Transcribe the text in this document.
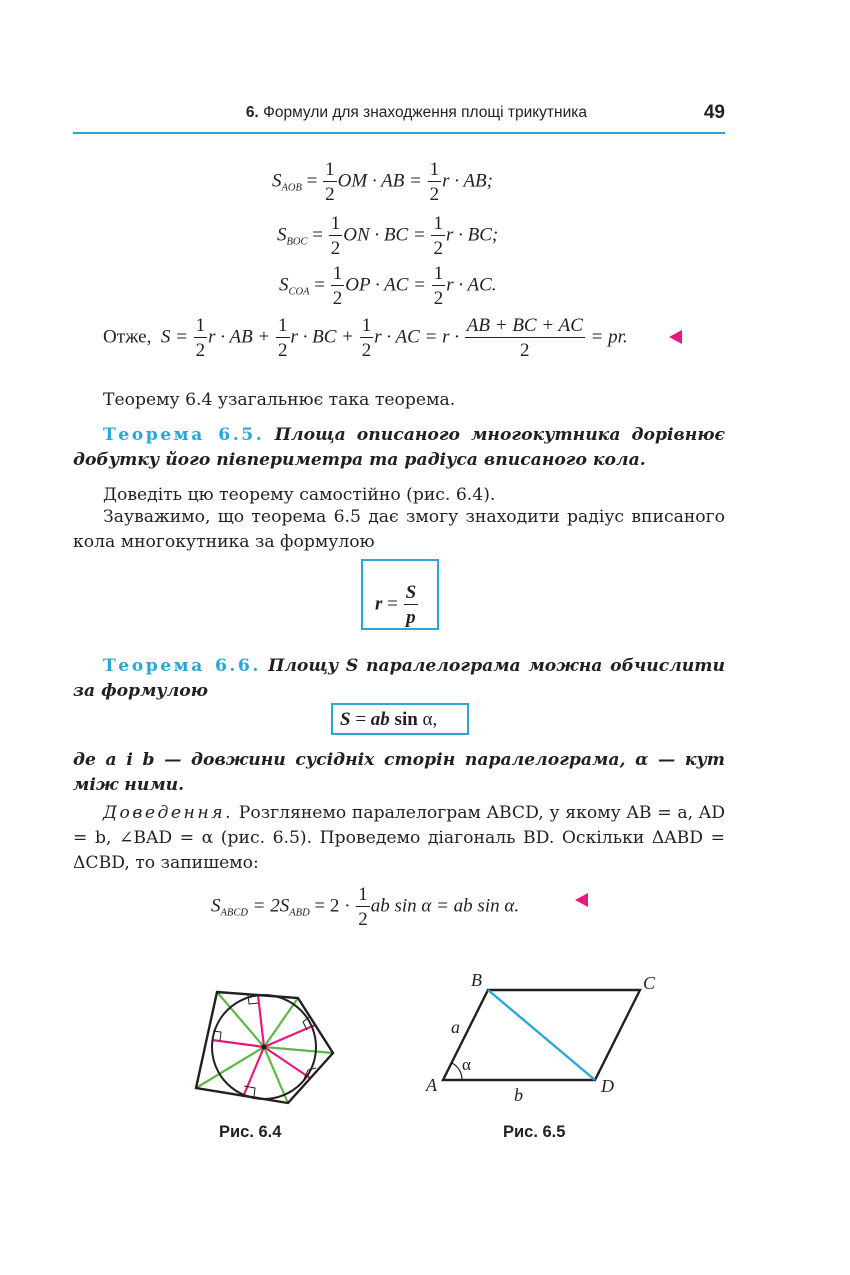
6. Формули для знаходження площі трикутника	49
$S_{AOB} = \frac{1}{2}$ OM · AB = $\frac{1}{2}$ r · AB;
$S_{BOC} = \frac{1}{2}$ ON · BC = $\frac{1}{2}$ r · BC;
$S_{COA} = \frac{1}{2}$ OP · AC = $\frac{1}{2}$ r · AC.
Отже, $S = \frac{1}{2}$ r · AB + $\frac{1}{2}$ r · BC + $\frac{1}{2}$ r · AC = $r \cdot \frac{AB + BC + AC}{2}$ = pr.
Теорему 6.4 узагальнює така теорема.
Теорема 6.5. Площа описаного многокутника дорівнює добутку його півпериметра та радіуса вписаного кола.
Доведіть цю теорему самостійно (рис. 6.4).
Зауважимо, що теорема 6.5 дає змогу знаходити радіус вписаного кола многокутника за формулою
$r = \frac{S}{p}$
Теорема 6.6. Площу S паралелограма можна обчислити за формулою
S = ab sin α,
де a і b — довжини сусідніх сторін паралелограма, α — кут між ними.
Доведення. Розглянемо паралелограм ABCD, у якому AB = a, AD = b, ∠BAD = α (рис. 6.5). Проведемо діагональ BD. Оскільки ΔABD = ΔCBD, то запишемо:
$S_{ABCD} = 2S_{ABD} = 2 \cdot \frac{1}{2}$ ab sin α = ab sin α.
Рис. 6.4
B	C
A	D
a
b
α
Рис. 6.5
